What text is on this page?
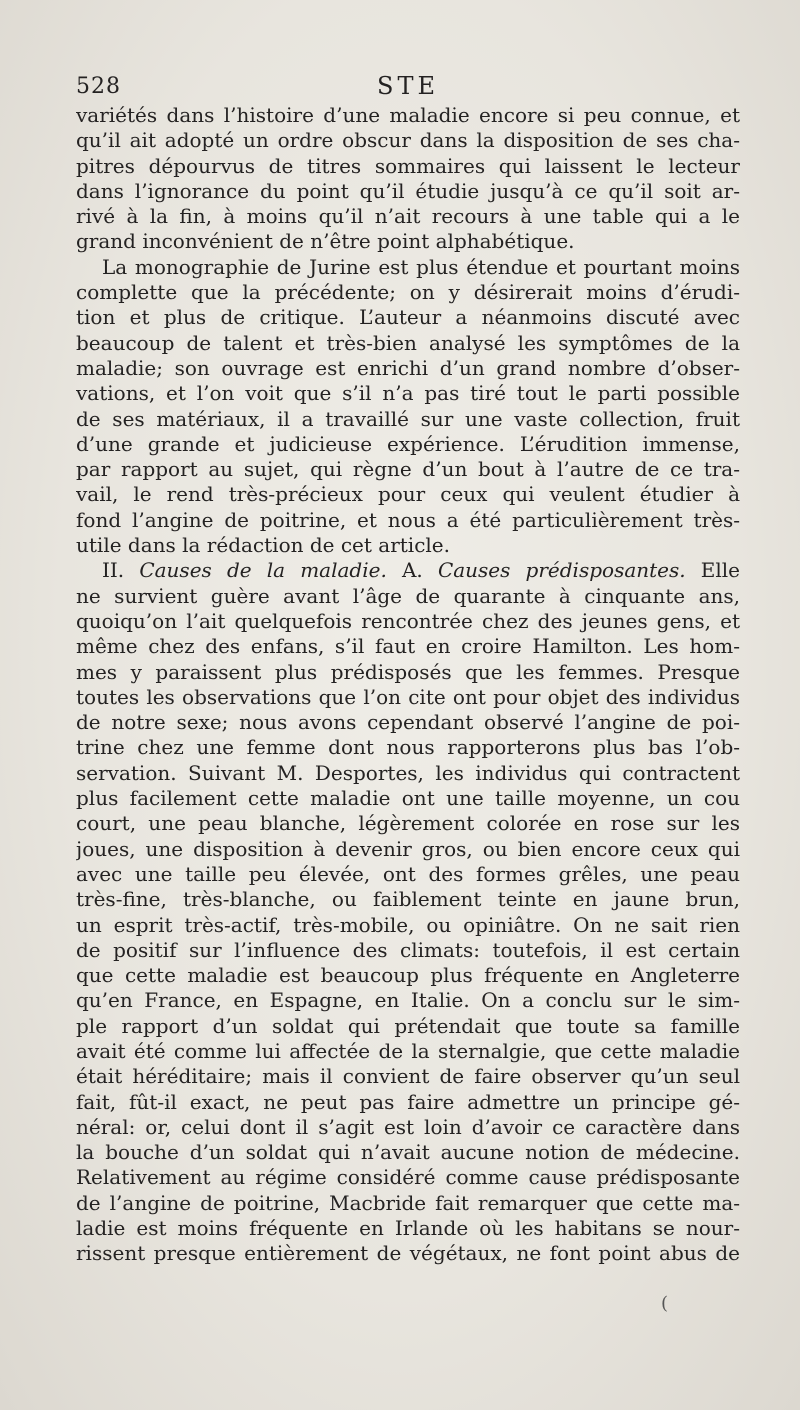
528	STE
variétés dans l’histoire d’une maladie encore si peu connue, et
qu’il ait adopté un ordre obscur dans la disposition de ses cha-
pitres dépourvus de titres sommaires qui laissent le lecteur
dans l’ignorance du point qu’il étudie jusqu’à ce qu’il soit ar-
rivé à la fin, à moins qu’il n’ait recours à une table qui a le
grand inconvénient de n’être point alphabétique.
La monographie de Jurine est plus étendue et pourtant moins
complette que la précédente; on y désirerait moins d’érudi-
tion et plus de critique. L’auteur a néanmoins discuté avec
beaucoup de talent et très-bien analysé les symptômes de la
maladie; son ouvrage est enrichi d’un grand nombre d’obser-
vations, et l’on voit que s’il n’a pas tiré tout le parti possible
de ses matériaux, il a travaillé sur une vaste collection, fruit
d’une grande et judicieuse expérience. L’érudition immense,
par rapport au sujet, qui règne d’un bout à l’autre de ce tra-
vail, le rend très-précieux pour ceux qui veulent étudier à
fond l’angine de poitrine, et nous a été particulièrement très-
utile dans la rédaction de cet article.
II. Causes de la maladie. A. Causes prédisposantes. Elle
ne survient guère avant l’âge de quarante à cinquante ans,
quoiqu’on l’ait quelquefois rencontrée chez des jeunes gens, et
même chez des enfans, s’il faut en croire Hamilton. Les hom-
mes y paraissent plus prédisposés que les femmes. Presque
toutes les observations que l’on cite ont pour objet des individus
de notre sexe; nous avons cependant observé l’angine de poi-
trine chez une femme dont nous rapporterons plus bas l’ob-
servation. Suivant M. Desportes, les individus qui contractent
plus facilement cette maladie ont une taille moyenne, un cou
court, une peau blanche, légèrement colorée en rose sur les
joues, une disposition à devenir gros, ou bien encore ceux qui
avec une taille peu élevée, ont des formes grêles, une peau
très-fine, très-blanche, ou faiblement teinte en jaune brun,
un esprit très-actif, très-mobile, ou opiniâtre. On ne sait rien
de positif sur l’influence des climats: toutefois, il est certain
que cette maladie est beaucoup plus fréquente en Angleterre
qu’en France, en Espagne, en Italie. On a conclu sur le sim-
ple rapport d’un soldat qui prétendait que toute sa famille
avait été comme lui affectée de la sternalgie, que cette maladie
était héréditaire; mais il convient de faire observer qu’un seul
fait, fût-il exact, ne peut pas faire admettre un principe gé-
néral: or, celui dont il s’agit est loin d’avoir ce caractère dans
la bouche d’un soldat qui n’avait aucune notion de médecine.
Relativement au régime considéré comme cause prédisposante
de l’angine de poitrine, Macbride fait remarquer que cette ma-
ladie est moins fréquente en Irlande où les habitans se nour-
rissent presque entièrement de végétaux, ne font point abus de
(
